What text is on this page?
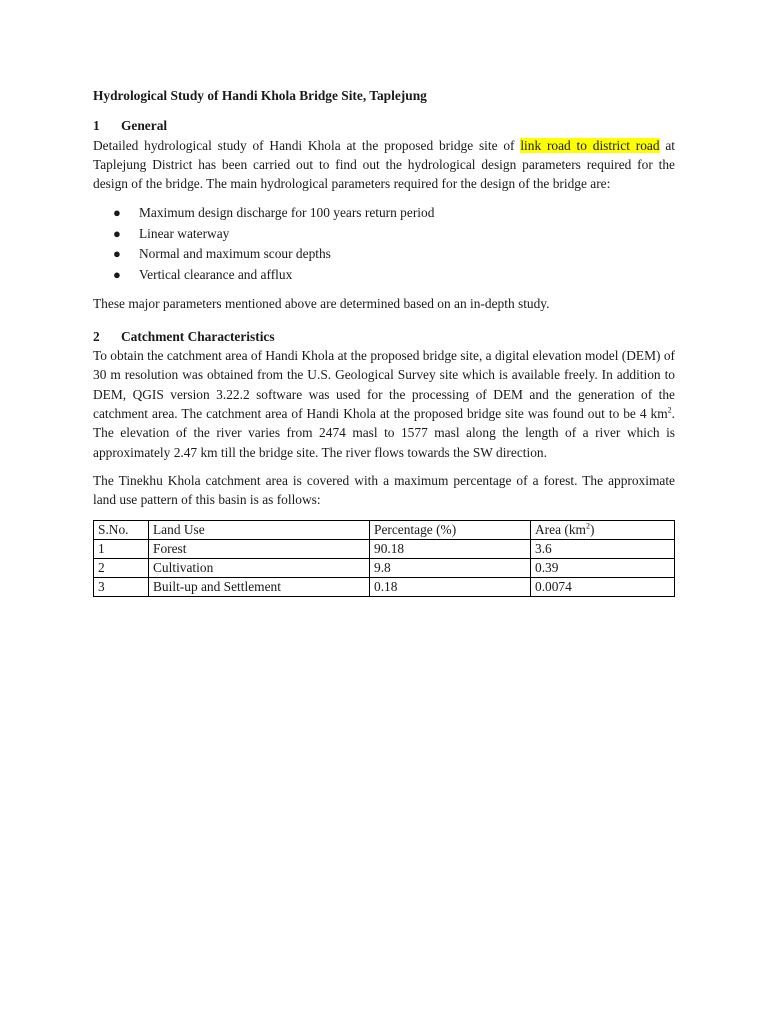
Hydrological Study of Handi Khola Bridge Site, Taplejung

1	General

Detailed hydrological study of Handi Khola at the proposed bridge site of link road to district road at Taplejung District has been carried out to find out the hydrological design parameters required for the design of the bridge. The main hydrological parameters required for the design of the bridge are:

●	Maximum design discharge for 100 years return period
●	Linear waterway
●	Normal and maximum scour depths
●	Vertical clearance and afflux

These major parameters mentioned above are determined based on an in-depth study.

2	Catchment Characteristics

To obtain the catchment area of Handi Khola at the proposed bridge site, a digital elevation model (DEM) of 30 m resolution was obtained from the U.S. Geological Survey site which is available freely. In addition to DEM, QGIS version 3.22.2 software was used for the processing of DEM and the generation of the catchment area. The catchment area of Handi Khola at the proposed bridge site was found out to be 4 $km^2$. The elevation of the river varies from 2474 masl to 1577 masl along the length of a river which is approximately 2.47 km till the bridge site. The river flows towards the SW direction.

The Tinekhu Khola catchment area is covered with a maximum percentage of a forest. The approximate land use pattern of this basin is as follows:

S.No.	Land Use	Percentage (%)	Area $(km^2)$
1	Forest	90.18	3.6
2	Cultivation	9.8	0.39
3	Built-up and Settlement	0.18	0.0074
